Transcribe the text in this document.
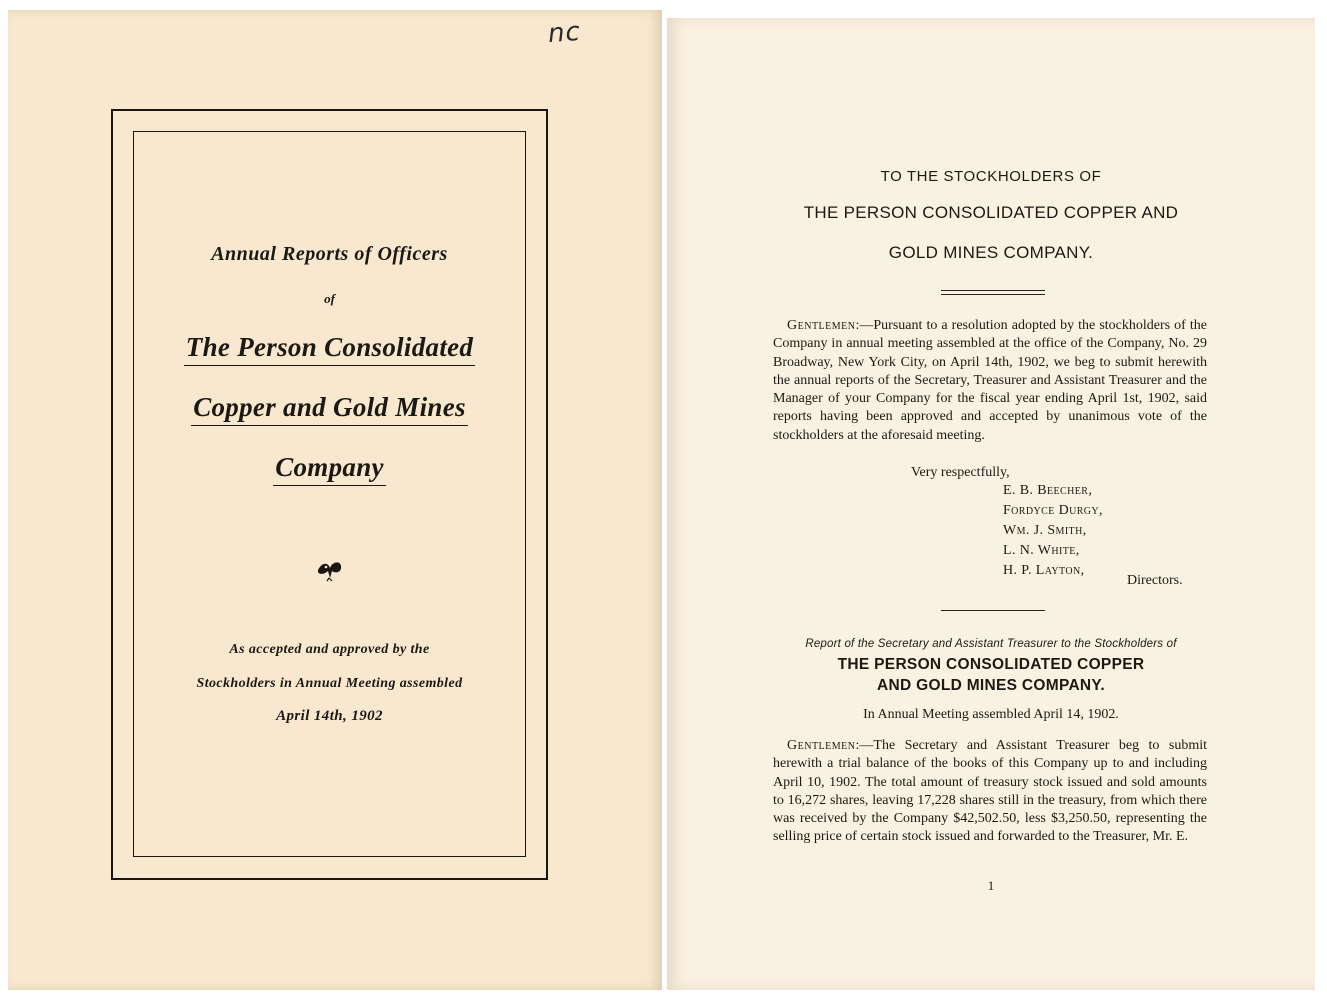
nc
Annual Reports of Officers
of
The Person Consolidated
Copper and Gold Mines
Company
As accepted and approved by the
Stockholders in Annual Meeting assembled
April 14th, 1902
TO THE STOCKHOLDERS OF
THE PERSON CONSOLIDATED COPPER AND
GOLD MINES COMPANY.
 Gentlemen:—Pursuant to a resolution adopted by the stockholders of the Company in annual meeting assembled at the office of the Company, No. 29 Broadway, New York City, on April 14th, 1902, we beg to submit herewith the annual reports of the Secretary, Treasurer and Assistant Treasurer and the Manager of your Company for the fiscal year ending April 1st, 1902, said reports having been approved and accepted by unanimous vote of the stockholders at the aforesaid meeting.
Very respectfully,
E. B. Beecher,
Fordyce Durgy,
Wm. J. Smith,
L. N. White,
H. P. Layton,
Directors.
Report of the Secretary and Assistant Treasurer to the Stockholders of
THE PERSON CONSOLIDATED COPPER
AND GOLD MINES COMPANY.
In Annual Meeting assembled April 14, 1902.
 Gentlemen:—The Secretary and Assistant Treasurer beg to submit herewith a trial balance of the books of this Company up to and including April 10, 1902. The total amount of treasury stock issued and sold amounts to 16,272 shares, leaving 17,228 shares still in the treasury, from which there was received by the Company $42,502.50, less $3,250.50, representing the selling price of certain stock issued and forwarded to the Treasurer, Mr. E.
1
